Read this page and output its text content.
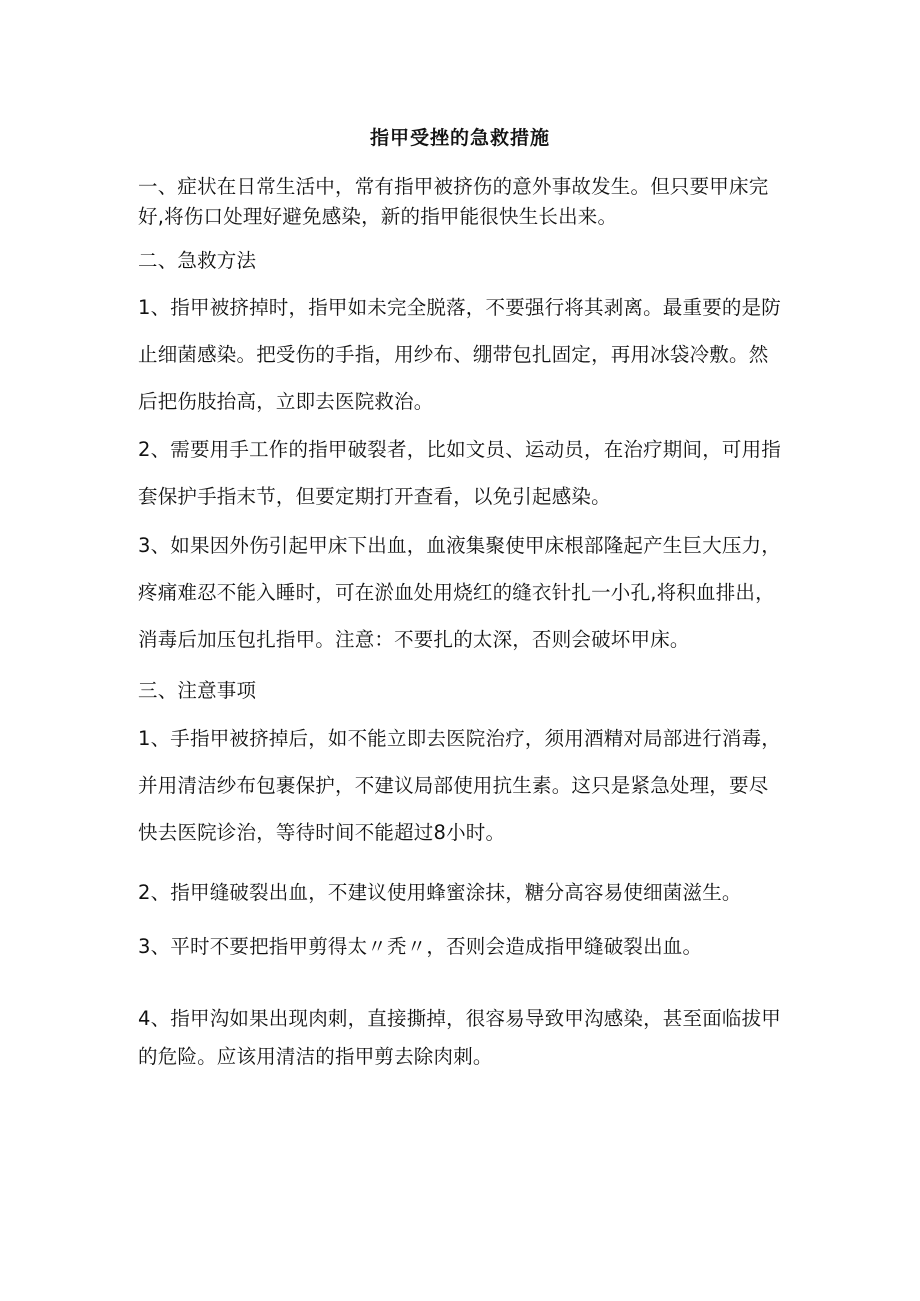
指甲受挫的急救措施

一、症状在日常生活中，常有指甲被挤伤的意外事故发生。但只要甲床完
好,将伤口处理好避免感染，新的指甲能很快生长出来。

二、急救方法

1、指甲被挤掉时，指甲如未完全脱落，不要强行将其剥离。最重要的是防
止细菌感染。把受伤的手指，用纱布、绷带包扎固定，再用冰袋冷敷。然
后把伤肢抬高，立即去医院救治。

2、需要用手工作的指甲破裂者，比如文员、运动员，在治疗期间，可用指
套保护手指末节，但要定期打开查看，以免引起感染。

3、如果因外伤引起甲床下出血，血液集聚使甲床根部隆起产生巨大压力，
疼痛难忍不能入睡时，可在淤血处用烧红的缝衣针扎一小孔,将积血排出，
消毒后加压包扎指甲。注意：不要扎的太深，否则会破坏甲床。

三、注意事项

1、手指甲被挤掉后，如不能立即去医院治疗，须用酒精对局部进行消毒，
并用清洁纱布包裹保护，不建议局部使用抗生素。这只是紧急处理，要尽
快去医院诊治，等待时间不能超过8小时。

2、指甲缝破裂出血，不建议使用蜂蜜涂抹，糖分高容易使细菌滋生。

3、平时不要把指甲剪得太〃秃〃，否则会造成指甲缝破裂出血。

4、指甲沟如果出现肉刺，直接撕掉，很容易导致甲沟感染，甚至面临拔甲
的危险。应该用清洁的指甲剪去除肉刺。
